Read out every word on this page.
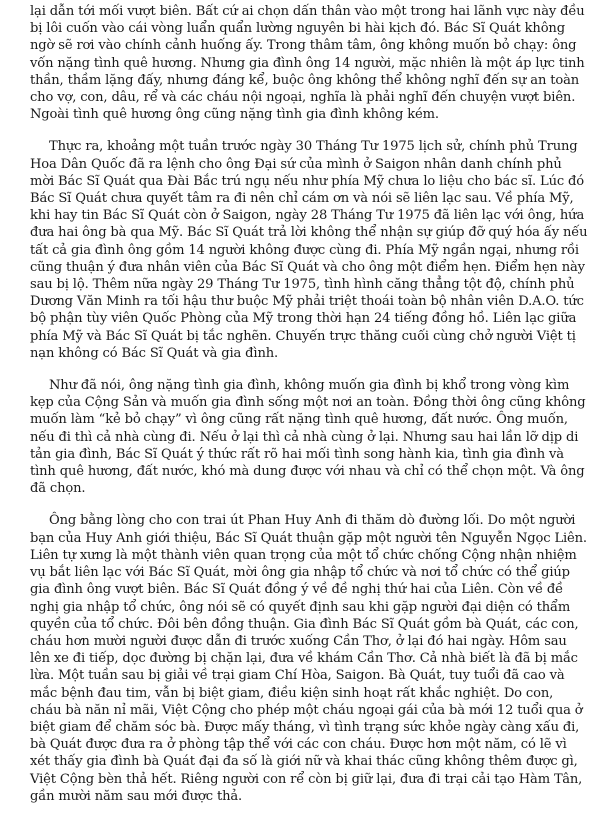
lại dẫn tới mối vượt biên. Bất cứ ai chọn dấn thân vào một trong hai lãnh vực này đều bị lôi cuốn vào cái vòng luẩn quẩn lường nguyên bi hài kịch đó. Bác Sĩ Quát không ngờ sẽ rơi vào chính cảnh huống ấy. Trong thâm tâm, ông không muốn bỏ chạy: ông vốn nặng tình quê hương. Nhưng gia đình ông 14 người, mặc nhiên là một áp lực tinh thần, thầm lặng đấy, nhưng đáng kể, buộc ông không thể không nghĩ đến sự an toàn cho vợ, con, dâu, rể và các cháu nội ngoại, nghĩa là phải nghĩ đến chuyện vượt biên. Ngoài tình quê hương ông cũng nặng tình gia đình không kém.

Thực ra, khoảng một tuần trước ngày 30 Tháng Tư 1975 lịch sử, chính phủ Trung Hoa Dân Quốc đã ra lệnh cho ông Đại sứ của mình ở Saigon nhân danh chính phủ mời Bác Sĩ Quát qua Đài Bắc trú ngụ nếu như phía Mỹ chưa lo liệu cho bác sĩ. Lúc đó Bác Sĩ Quát chưa quyết tâm ra đi nên chỉ cám ơn và nói sẽ liên lạc sau. Về phía Mỹ, khi hay tin Bác Sĩ Quát còn ở Saigon, ngày 28 Tháng Tư 1975 đã liên lạc với ông, hứa đưa hai ông bà qua Mỹ. Bác Sĩ Quát trả lời không thể nhận sự giúp đỡ quý hóa ấy nếu tất cả gia đình ông gồm 14 người không được cùng đi. Phía Mỹ ngần ngại, nhưng rồi cũng thuận ý đưa nhân viên của Bác Sĩ Quát và cho ông một điểm hẹn. Điểm hẹn này sau bị lộ. Thêm nữa ngày 29 Tháng Tư 1975, tình hình căng thẳng tột độ, chính phủ Dương Văn Minh ra tối hậu thư buộc Mỹ phải triệt thoái toàn bộ nhân viên D.A.O. tức bộ phận tùy viên Quốc Phòng của Mỹ trong thời hạn 24 tiếng đồng hồ. Liên lạc giữa phía Mỹ và Bác Sĩ Quát bị tắc nghẽn. Chuyến trực thăng cuối cùng chở người Việt tị nạn không có Bác Sĩ Quát và gia đình.

Như đã nói, ông nặng tình gia đình, không muốn gia đình bị khổ trong vòng kìm kẹp của Cộng Sản và muốn gia đình sống một nơi an toàn. Đồng thời ông cũng không muốn làm “kẻ bỏ chạy” vì ông cũng rất nặng tình quê hương, đất nước. Ông muốn, nếu đi thì cả nhà cùng đi. Nếu ở lại thì cả nhà cùng ở lại. Nhưng sau hai lần lỡ dịp di tản gia đình, Bác Sĩ Quát ý thức rất rõ hai mối tình song hành kia, tình gia đình và tình quê hương, đất nước, khó mà dung được với nhau và chỉ có thể chọn một. Và ông đã chọn.

Ông bằng lòng cho con trai út Phan Huy Anh đi thăm dò đường lối. Do một người bạn của Huy Anh giới thiệu, Bác Sĩ Quát thuận gặp một người tên Nguyễn Ngọc Liên. Liên tự xưng là một thành viên quan trọng của một tổ chức chống Cộng nhận nhiệm vụ bắt liên lạc với Bác Sĩ Quát, mời ông gia nhập tổ chức và nơi tổ chức có thể giúp gia đình ông vượt biên. Bác Sĩ Quát đồng ý về đề nghị thứ hai của Liên. Còn về đề nghị gia nhập tổ chức, ông nói sẽ có quyết định sau khi gặp người đại diện có thẩm quyền của tổ chức. Đôi bên đồng thuận. Gia đình Bác Sĩ Quát gồm bà Quát, các con, cháu hơn mười người được dẫn đi trước xuống Cần Thơ, ở lại đó hai ngày. Hôm sau lên xe đi tiếp, dọc đường bị chặn lại, đưa về khám Cần Thơ. Cả nhà biết là đã bị mắc lừa. Một tuần sau bị giải về trại giam Chí Hòa, Saigon. Bà Quát, tuy tuổi đã cao và mắc bệnh đau tim, vẫn bị biệt giam, điều kiện sinh hoạt rất khắc nghiệt. Do con, cháu bà năn nỉ mãi, Việt Cộng cho phép một cháu ngoại gái của bà mới 12 tuổi qua ở biệt giam để chăm sóc bà. Được mấy tháng, vì tình trạng sức khỏe ngày càng xấu đi, bà Quát được đưa ra ở phòng tập thể với các con cháu. Được hơn một năm, có lẽ vì xét thấy gia đình bà Quát đại đa số là giới nữ và khai thác cũng không thêm được gì, Việt Cộng bèn thả hết. Riêng người con rể còn bị giữ lại, đưa đi trại cải tạo Hàm Tân, gần mười năm sau mới được thả.
